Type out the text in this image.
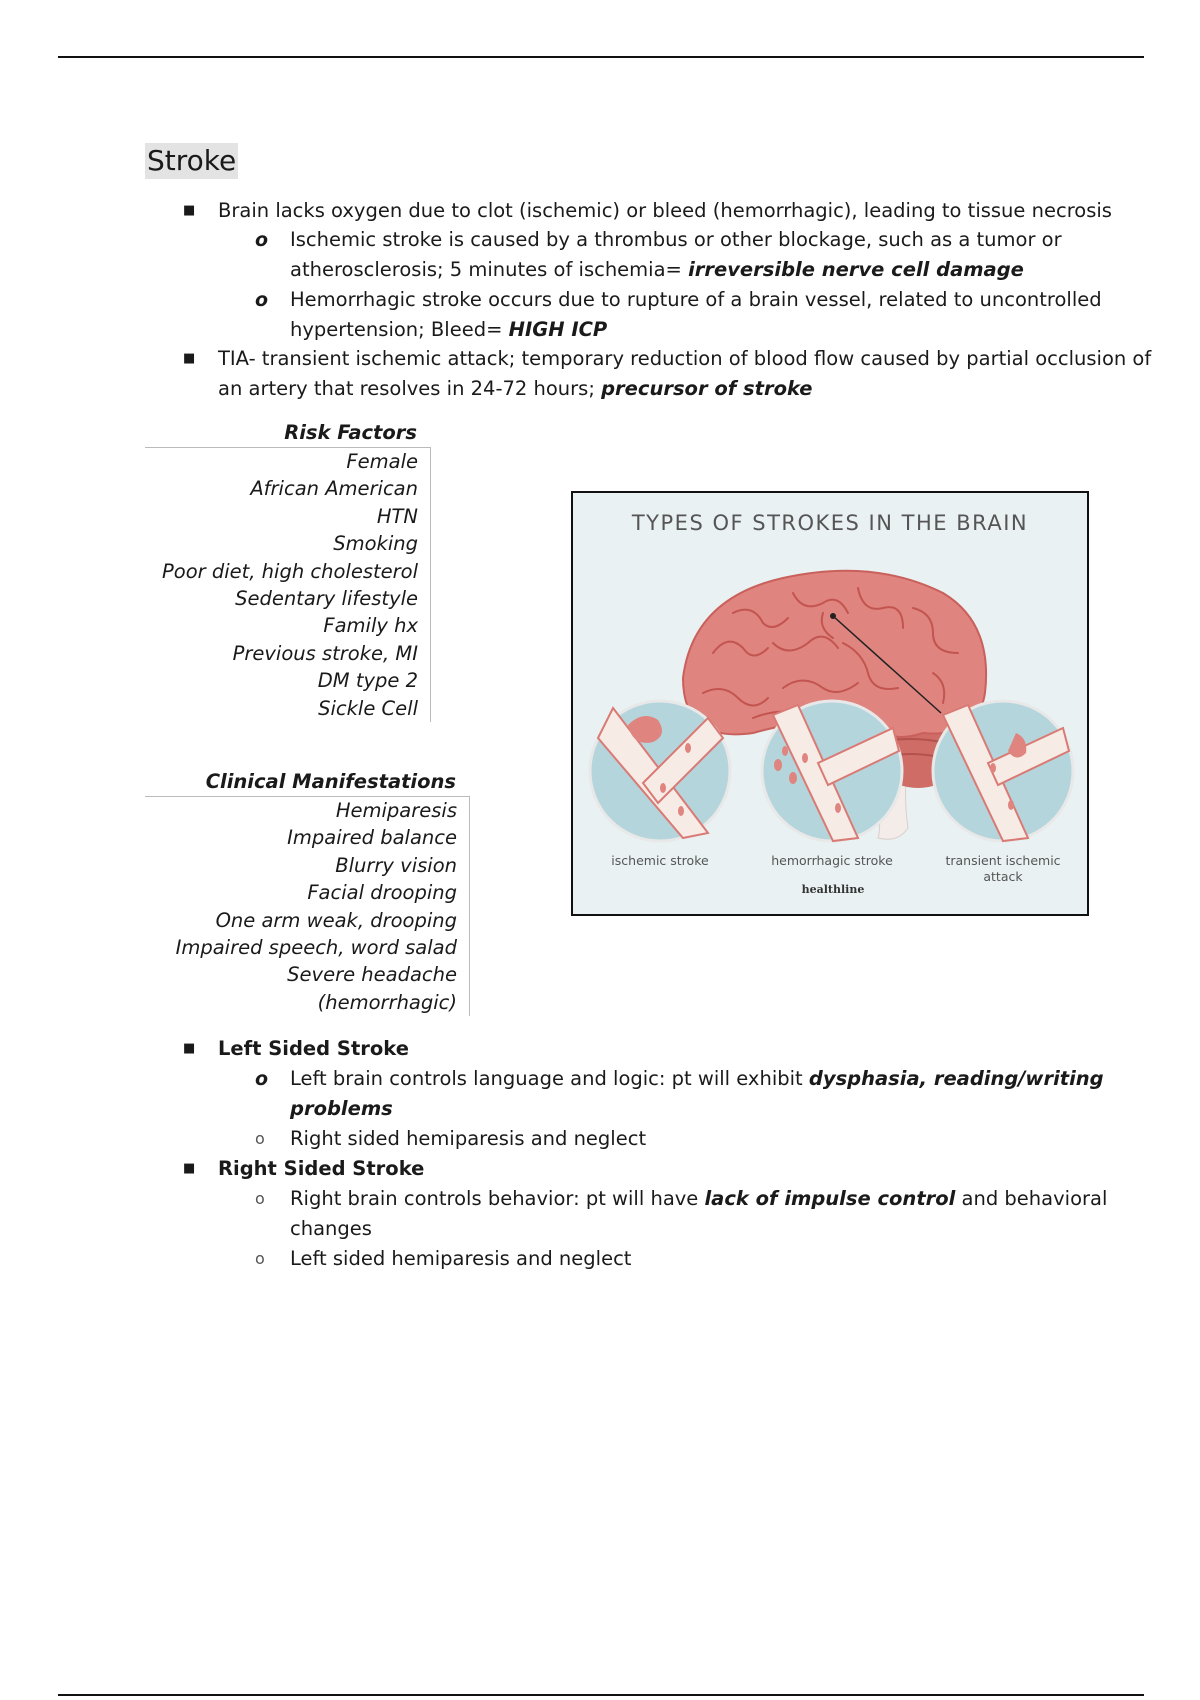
Stroke
■ Brain lacks oxygen due to clot (ischemic) or bleed (hemorrhagic), leading to tissue necrosis
o Ischemic stroke is caused by a thrombus or other blockage, such as a tumor or
atherosclerosis; 5 minutes of ischemia= irreversible nerve cell damage
o Hemorrhagic stroke occurs due to rupture of a brain vessel, related to uncontrolled
hypertension; Bleed= HIGH ICP
■ TIA- transient ischemic attack; temporary reduction of blood flow caused by partial occlusion of
an artery that resolves in 24-72 hours; precursor of stroke
Risk Factors
Female
African American
HTN
Smoking
Poor diet, high cholesterol
Sedentary lifestyle
Family hx
Previous stroke, MI
DM type 2
Sickle Cell
Clinical Manifestations
Hemiparesis
Impaired balance
Blurry vision
Facial drooping
One arm weak, drooping
Impaired speech, word salad
Severe headache (hemorrhagic)
TYPES OF STROKES IN THE BRAIN
ischemic stroke	hemorrhagic stroke	transient ischemic
attack
healthline
■ Left Sided Stroke
o Left brain controls language and logic: pt will exhibit dysphasia, reading/writing
problems
o Right sided hemiparesis and neglect
■ Right Sided Stroke
o Right brain controls behavior: pt will have lack of impulse control and behavioral
changes
o Left sided hemiparesis and neglect
